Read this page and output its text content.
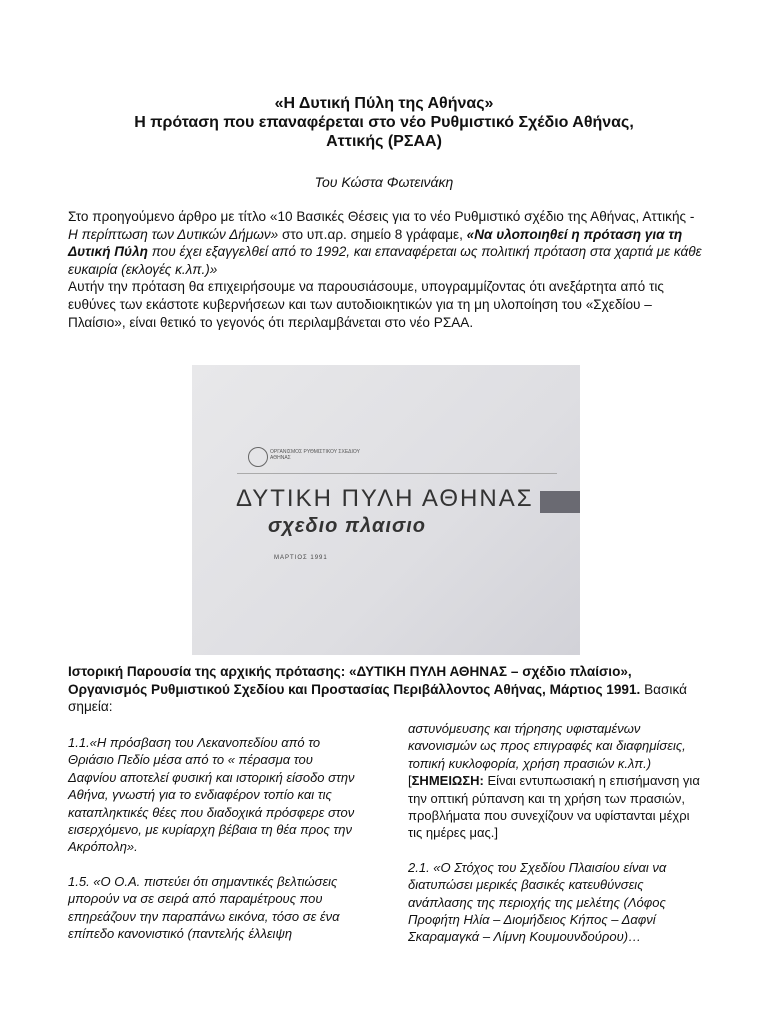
«Η Δυτική Πύλη της Αθήνας»
Η πρόταση που επαναφέρεται στο νέο Ρυθμιστικό Σχέδιο Αθήνας,
Αττικής (ΡΣΑΑ)
Του Κώστα Φωτεινάκη
Στο προηγούμενο άρθρο με τίτλο «10 Βασικές Θέσεις για το νέο Ρυθμιστικό σχέδιο της Αθήνας, Αττικής - Η περίπτωση των Δυτικών Δήμων» στο υπ.αρ. σημείο 8 γράφαμε, «Να υλοποιηθεί η πρόταση για τη Δυτική Πύλη που έχει εξαγγελθεί από το 1992, και επαναφέρεται ως πολιτική πρόταση στα χαρτιά με κάθε ευκαιρία (εκλογές κ.λπ.)»
Αυτήν την πρόταση θα επιχειρήσουμε να παρουσιάσουμε, υπογραμμίζοντας ότι ανεξάρτητα από τις ευθύνες των εκάστοτε κυβερνήσεων και των αυτοδιοικητικών για τη μη υλοποίηση του «Σχεδίου – Πλαίσιο», είναι θετικό το γεγονός ότι περιλαμβάνεται στο νέο ΡΣΑΑ.
ΟΡΓΑΝΙΣΜΟΣ ΡΥΘΜΙΣΤΙΚΟΥ ΣΧΕΔΙΟΥ
ΑΘΗΝΑΣ
ΔΥΤΙΚΗ ΠΥΛΗ ΑΘΗΝΑΣ
σχεδιο πλαισιο
ΜΑΡΤΙΟΣ 1991
Ιστορική Παρουσία της αρχικής πρότασης: «ΔΥΤΙΚΗ ΠΥΛΗ ΑΘΗΝΑΣ – σχέδιο πλαίσιο», Οργανισμός Ρυθμιστικού Σχεδίου και Προστασίας Περιβάλλοντος Αθήνας, Μάρτιος 1991. Βασικά σημεία:

1.1.«Η πρόσβαση του Λεκανοπεδίου από το Θριάσιο Πεδίο μέσα από το « πέρασμα του Δαφνίου αποτελεί φυσική και ιστορική είσοδο στην Αθήνα, γνωστή για το ενδιαφέρον τοπίο και τις καταπληκτικές θέες που διαδοχικά πρόσφερε στον εισερχόμενο, με κυρίαρχη βέβαια τη θέα προς την Ακρόπολη».

1.5. «Ο Ο.Α. πιστεύει ότι σημαντικές βελτιώσεις μπορούν να σε σειρά από παραμέτρους που επηρεάζουν την παραπάνω εικόνα, τόσο σε ένα επίπεδο κανονιστικό (παντελής έλλειψη

αστυνόμευσης και τήρησης υφισταμένων κανονισμών ως προς επιγραφές και διαφημίσεις, τοπική κυκλοφορία, χρήση πρασιών κ.λπ.) [ΣΗΜΕΙΩΣΗ: Είναι εντυπωσιακή η επισήμανση για την οπτική ρύπανση και τη χρήση των πρασιών, προβλήματα που συνεχίζουν να υφίστανται μέχρι τις ημέρες μας.]

2.1. «Ο Στόχος του Σχεδίου Πλαισίου είναι να διατυπώσει μερικές βασικές κατευθύνσεις ανάπλασης της περιοχής της μελέτης (Λόφος Προφήτη Ηλία – Διομήδειος Κήπος – Δαφνί Σκαραμαγκά – Λίμνη Κουμουνδούρου)…
